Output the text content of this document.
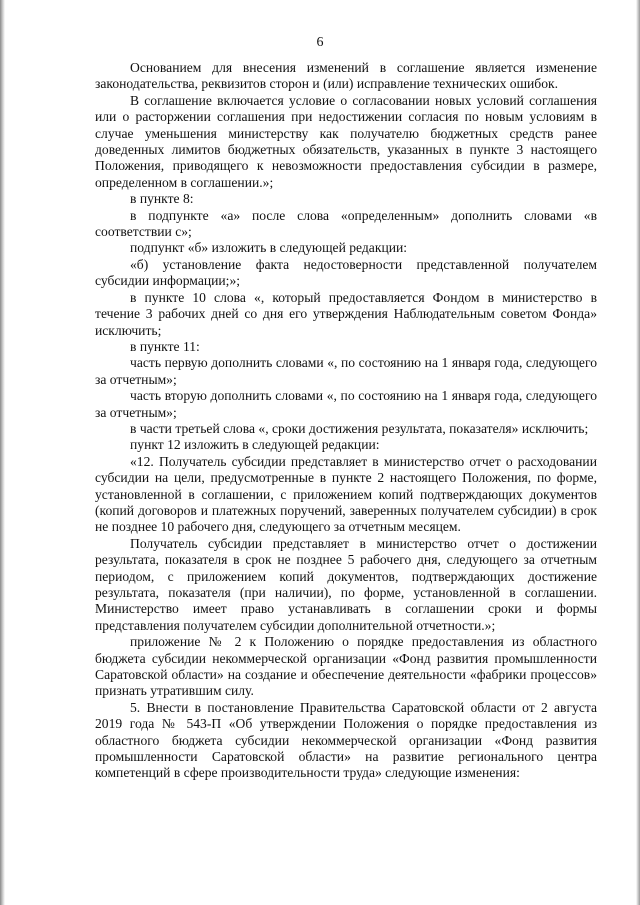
6

Основанием для внесения изменений в соглашение является изменение законодательства, реквизитов сторон и (или) исправление технических ошибок.

В соглашение включается условие о согласовании новых условий соглашения или о расторжении соглашения при недостижении согласия по новым условиям в случае уменьшения министерству как получателю бюджетных средств ранее доведенных лимитов бюджетных обязательств, указанных в пункте 3 настоящего Положения, приводящего к невозможности предоставления субсидии в размере, определенном в соглашении.»;

в пункте 8:

в подпункте «а» после слова «определенным» дополнить словами «в соответствии с»;

подпункт «б» изложить в следующей редакции:

«б) установление факта недостоверности представленной получателем субсидии информации;»;

в пункте 10 слова «, который предоставляется Фондом в министерство в течение 3 рабочих дней со дня его утверждения Наблюдательным советом Фонда» исключить;

в пункте 11:

часть первую дополнить словами «, по состоянию на 1 января года, следующего за отчетным»;

часть вторую дополнить словами «, по состоянию на 1 января года, следующего за отчетным»;

в части третьей слова «, сроки достижения результата, показателя» исключить;

пункт 12 изложить в следующей редакции:

«12. Получатель субсидии представляет в министерство отчет о расходовании субсидии на цели, предусмотренные в пункте 2 настоящего Положения, по форме, установленной в соглашении, с приложением копий подтверждающих документов (копий договоров и платежных поручений, заверенных получателем субсидии) в срок не позднее 10 рабочего дня, следующего за отчетным месяцем.

Получатель субсидии представляет в министерство отчет о достижении результата, показателя в срок не позднее 5 рабочего дня, следующего за отчетным периодом, с приложением копий документов, подтверждающих достижение результата, показателя (при наличии), по форме, установленной в соглашении. Министерство имеет право устанавливать в соглашении сроки и формы представления получателем субсидии дополнительной отчетности.»;

приложение № 2 к Положению о порядке предоставления из областного бюджета субсидии некоммерческой организации «Фонд развития промышленности Саратовской области» на создание и обеспечение деятельности «фабрики процессов» признать утратившим силу.

5. Внести в постановление Правительства Саратовской области от 2 августа 2019 года № 543-П «Об утверждении Положения о порядке предоставления из областного бюджета субсидии некоммерческой организации «Фонд развития промышленности Саратовской области» на развитие регионального центра компетенций в сфере производительности труда» следующие изменения:
